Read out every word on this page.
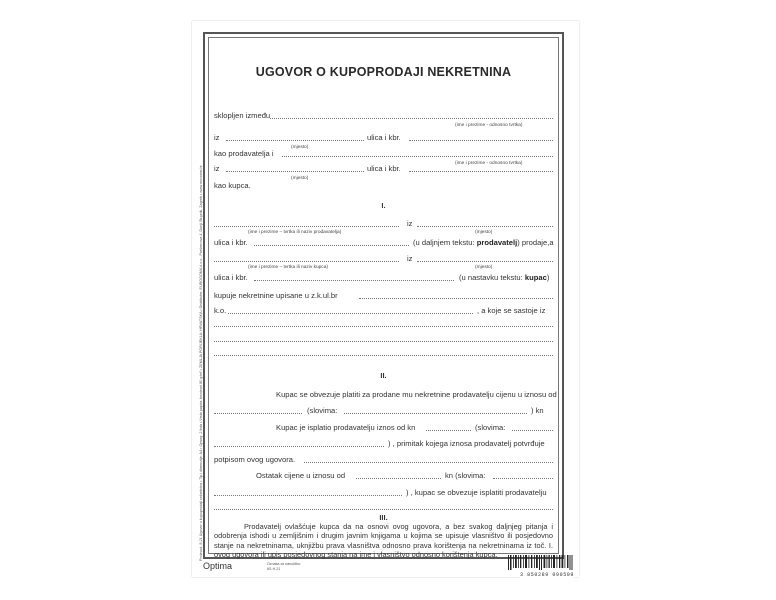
Proizvod: 8-21 Ugovor o kupoprodaji nekretnina • Tip i dimenzije: A4 • Opseg: 2 lista • Vrsta papira: bezdrvni 80 g/m² • ZEMLJA PORIJEKLA: HRVATSKA • Distributer: EUROGOMA d.o.o., Prešernova 4, Donji Stupnik, Zagreb • www.eurooms.hr
UGOVOR O KUPOPRODAJI NEKRETNINA
sklopljen između
(ime i prezime - odnosno tvrtka)
iz	ulica i kbr.
(mjesto)
kao prodavatelja i
(ime i prezime - odnosno tvrtka)
iz	ulica i kbr.
(mjesto)
kao kupca.
I.
iz
(ime i prezime – tvrtka ili naziv prodavatelja)	(mjesto)
ulica i kbr.	(u daljnjem tekstu: prodavatelj) prodaje,a
iz
(ime i prezime – tvrtka ili naziv kupca)	(mjesto)
ulica i kbr.	(u nastavku tekstu: kupac)
kupuje nekretnine upisane u z.k.ul.br
k.o.	, a koje se sastoje iz
II.
Kupac se obvezuje platiti za prodane mu nekretnine prodavatelju cijenu u iznosu od
(slovima:	) kn
Kupac je isplatio prodavatelju iznos od kn	(slovima:
) , primitak kojega iznosa prodavatelj potvrđuje
potpisom ovog ugovora.
Ostatak cijene u iznosu od	kn (slovima:
) , kupac se obvezuje isplatiti prodavatelju
III.
Prodavatelj ovlašćuje kupca da na osnovi ovog ugovora, a bez svakog daljnjeg pitanja i odobrenja ishodi u zemljišnim i drugim javnim knjigama u kojima se upisuje vlasništvo ili posjedovno stanje na nekretninama, uknjižbu prava vlasništva odnosno prava korištenja na nekretninama iz toč. I. ovog ugovora ili upis posjedovnog stanja na ime i vlasništvo odnosno korištenja kupca.
Optima	Oznaka za narudžbu:
8S-H-21
3 850289 090509
